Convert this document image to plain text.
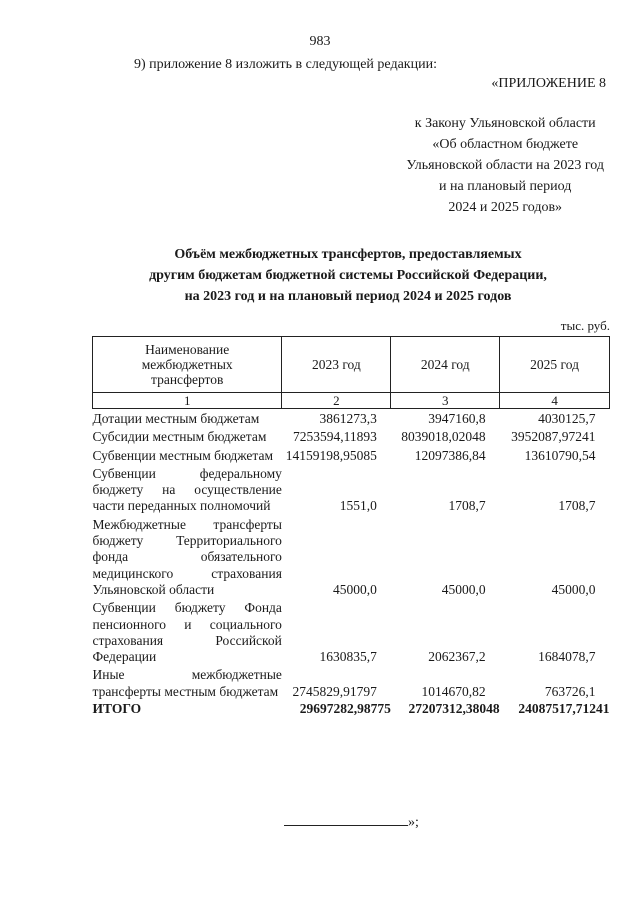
983
9) приложение 8 изложить в следующей редакции:
«ПРИЛОЖЕНИЕ 8
к Закону Ульяновской области
«Об областном бюджете
Ульяновской области на 2023 год
и на плановый период
2024 и 2025 годов»
Объём межбюджетных трансфертов, предоставляемых
другим бюджетам бюджетной системы Российской Федерации,
на 2023 год и на плановый период 2024 и 2025 годов
тыс. руб.
Наименование межбюджетных трансфертов	2023 год	2024 год	2025 год
1	2	3	4
Дотации местным бюджетам	3861273,3	3947160,8	4030125,7
Субсидии местным бюджетам	7253594,11893	8039018,02048	3952087,97241
Субвенции местным бюджетам	14159198,95085	12097386,84	13610790,54
Субвенции федеральному бюджету на осуществление части переданных полномочий	1551,0	1708,7	1708,7
Межбюджетные трансферты бюджету Территориального фонда обязательного медицинского страхования Ульяновской области	45000,0	45000,0	45000,0
Субвенции бюджету Фонда пенсионного и социального страхования Российской Федерации	1630835,7	2062367,2	1684078,7
Иные межбюджетные трансферты местным бюджетам	2745829,91797	1014670,82	763726,1
ИТОГО	29697282,98775	27207312,38048	24087517,71241
»;
